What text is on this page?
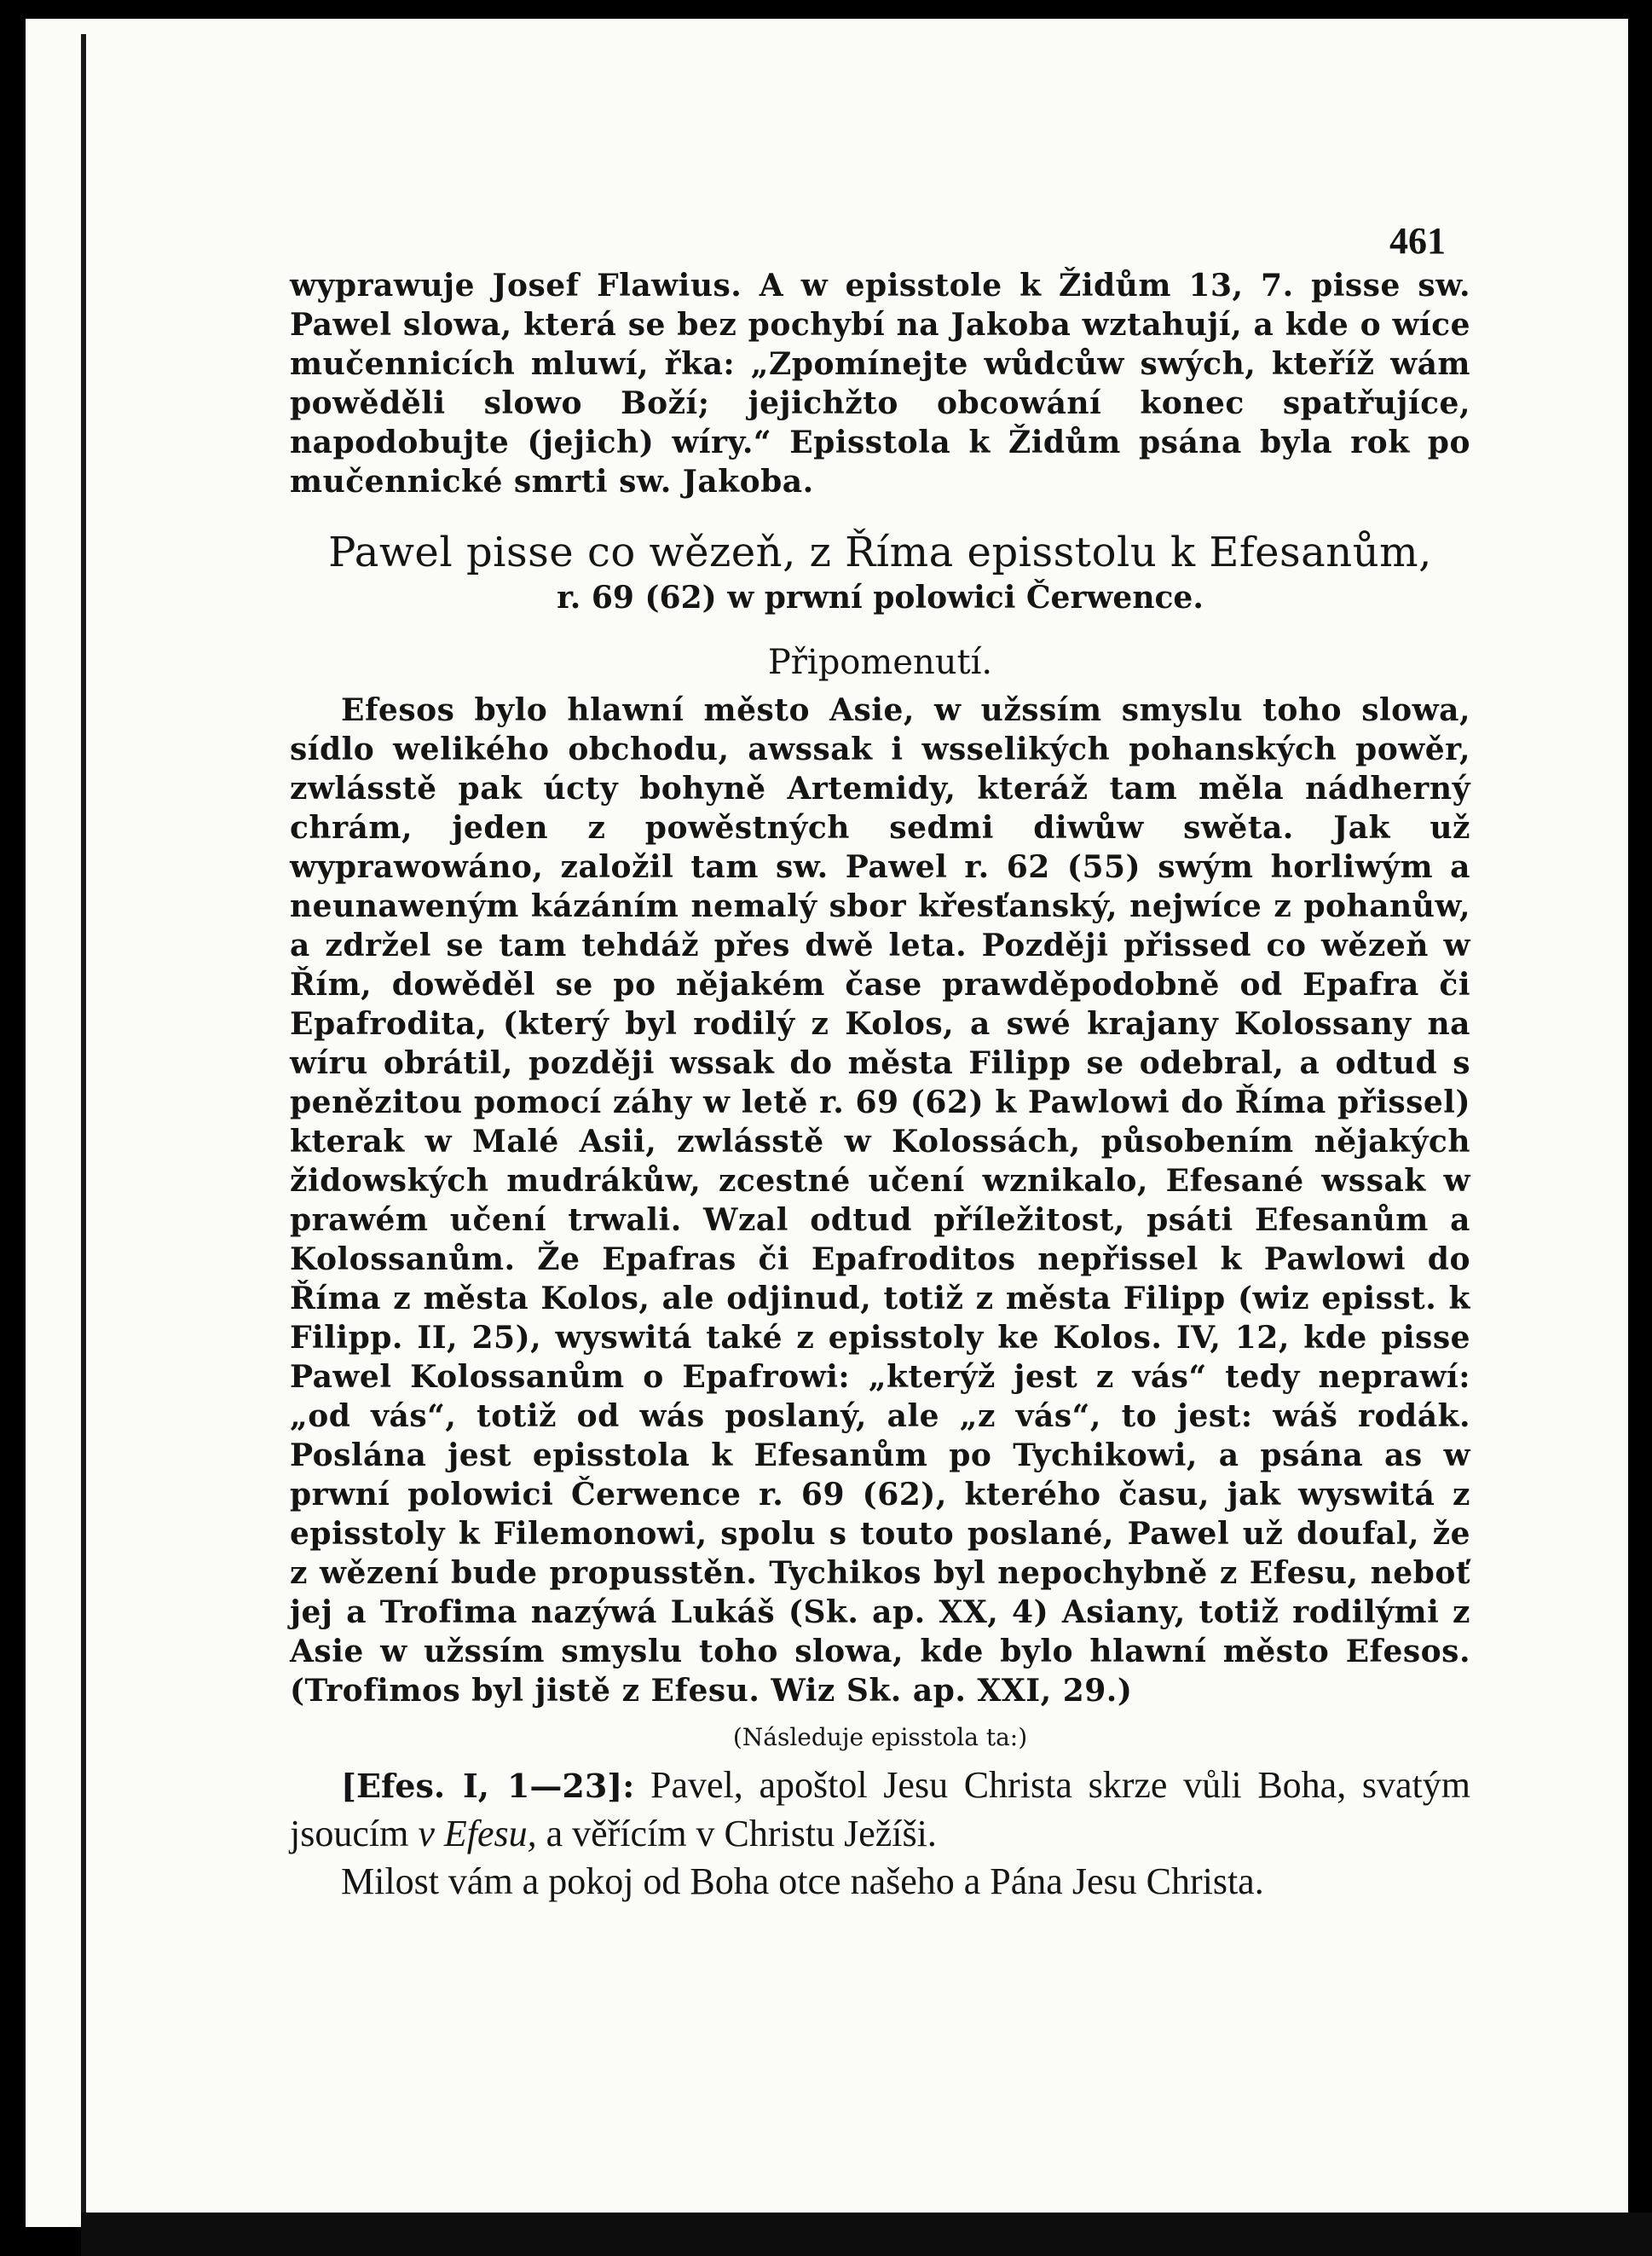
461

wyprawuje Josef Flawius. A w episstole k Židům 13, 7. pisse sw. Pawel slowa, která se bez pochybí na Jakoba wztahují, a kde o wíce mučennicích mluwí, řka: „Zpomínejte wůdcůw swých, kteříž wám powěděli slowo Boží; jejichžto obcowání konec spatřujíce, napodobujte (jejich) wíry.“ Episstola k Židům psána byla rok po mučennické smrti sw. Jakoba.

Pawel pisse co wězeň, z Říma episstolu k Efesanům,
r. 69 (62) w prwní polowici Čerwence.
Připomenutí.

Efesos bylo hlawní město Asie, w užssím smyslu toho slowa, sídlo welikého obchodu, awssak i wsselikých pohanských powěr, zwlásstě pak úcty bohyně Artemidy, kteráž tam měla nádherný chrám, jeden z powěstných sedmi diwůw swěta. Jak už wyprawowáno, založil tam sw. Pawel r. 62 (55) swým horliwým a neunaweným kázáním nemalý sbor křesťanský, nejwíce z pohanůw, a zdržel se tam tehdáž přes dwě leta. Později přissed co wězeň w Řím, dowěděl se po nějakém čase prawděpodobně od Epafra či Epafrodita, (který byl rodilý z Kolos, a swé krajany Kolossany na wíru obrátil, později wssak do města Filipp se odebral, a odtud s penězitou pomocí záhy w letě r. 69 (62) k Pawlowi do Říma přissel) kterak w Malé Asii, zwlásstě w Kolossách, působením nějakých židowských mudrákůw, zcestné učení wznikalo, Efesané wssak w prawém učení trwali. Wzal odtud příležitost, psáti Efesanům a Kolossanům. Že Epafras či Epafroditos nepřissel k Pawlowi do Říma z města Kolos, ale odjinud, totiž z města Filipp (wiz episst. k Filipp. II, 25), wyswitá také z episstoly ke Kolos. IV, 12, kde pisse Pawel Kolossanům o Epafrowi: „kterýž jest z vás“ tedy neprawí: „od vás“, totiž od wás poslaný, ale „z vás“, to jest: wáš rodák. Poslána jest episstola k Efesanům po Tychikowi, a psána as w prwní polowici Čerwence r. 69 (62), kterého času, jak wyswitá z episstoly k Filemonowi, spolu s touto poslané, Pawel už doufal, že z wězení bude propusstěn. Tychikos byl nepochybně z Efesu, neboť jej a Trofima nazýwá Lukáš (Sk. ap. XX, 4) Asiany, totiž rodilými z Asie w užssím smyslu toho slowa, kde bylo hlawní město Efesos. (Trofimos byl jistě z Efesu. Wiz Sk. ap. XXI, 29.)

(Následuje episstola ta:)

[Efes. I, 1—23]: Pavel, apoštol Jesu Christa skrze vůli Boha, svatým jsoucím v Efesu, a věřícím v Christu Ježíši.

Milost vám a pokoj od Boha otce našeho a Pána Jesu Christa.
